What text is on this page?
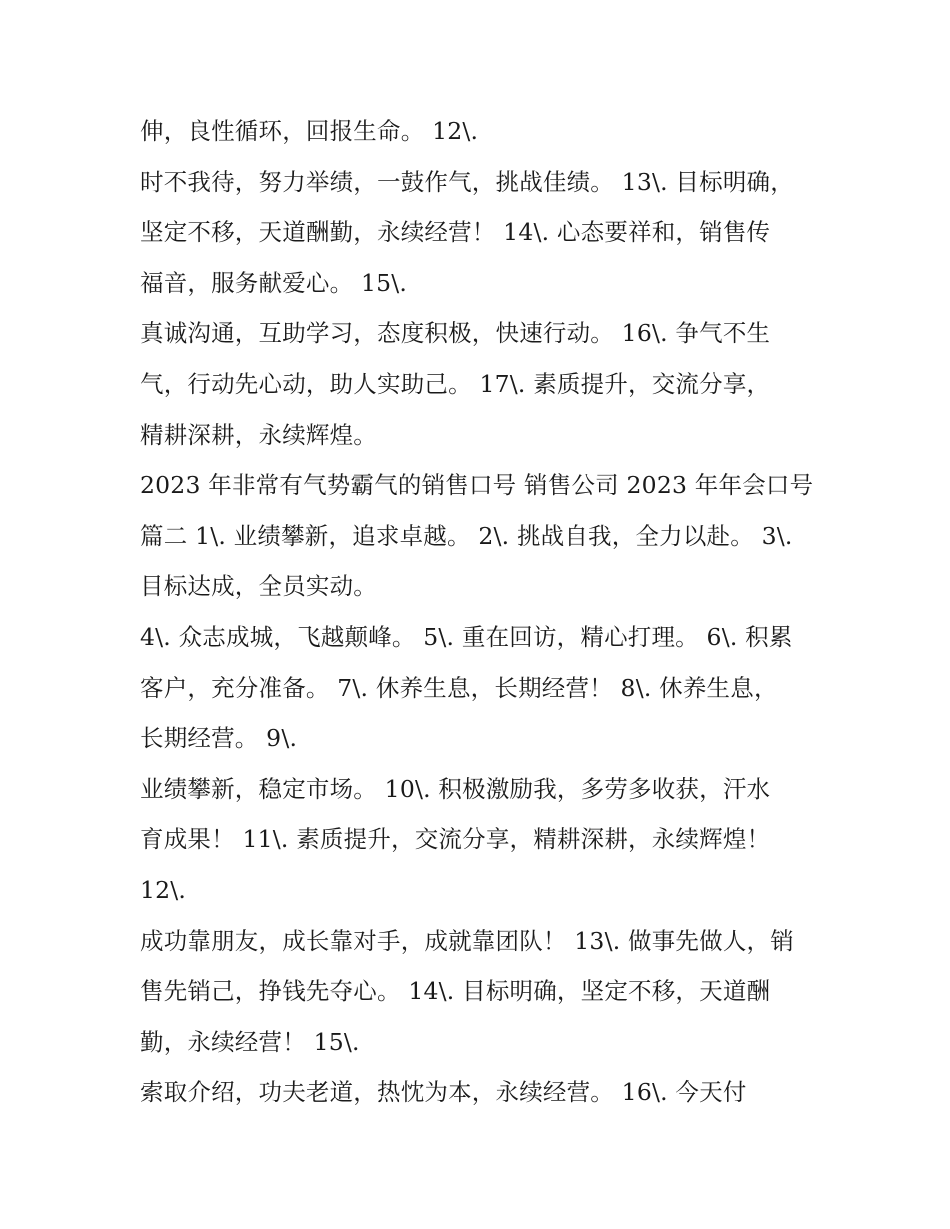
伸，良性循环，回报生命。 12\.
时不我待，努力举绩，一鼓作气，挑战佳绩。 13\. 目标明确，
坚定不移，天道酬勤，永续经营！ 14\. 心态要祥和，销售传
福音，服务献爱心。 15\.
真诚沟通，互助学习，态度积极，快速行动。 16\. 争气不生
气，行动先心动，助人实助己。 17\. 素质提升，交流分享，
精耕深耕，永续辉煌。
2023 年非常有气势霸气的销售口号 销售公司 2023 年年会口号
篇二 1\. 业绩攀新，追求卓越。 2\. 挑战自我，全力以赴。 3\.
目标达成，全员实动。
4\. 众志成城，飞越颠峰。 5\. 重在回访，精心打理。 6\. 积累
客户，充分准备。 7\. 休养生息，长期经营！ 8\. 休养生息，
长期经营。 9\.
业绩攀新，稳定市场。 10\. 积极激励我，多劳多收获，汗水
育成果！ 11\. 素质提升，交流分享，精耕深耕，永续辉煌！
12\.
成功靠朋友，成长靠对手，成就靠团队！ 13\. 做事先做人，销
售先销己，挣钱先夺心。 14\. 目标明确，坚定不移，天道酬
勤，永续经营！ 15\.
索取介绍，功夫老道，热忱为本，永续经营。 16\. 今天付
